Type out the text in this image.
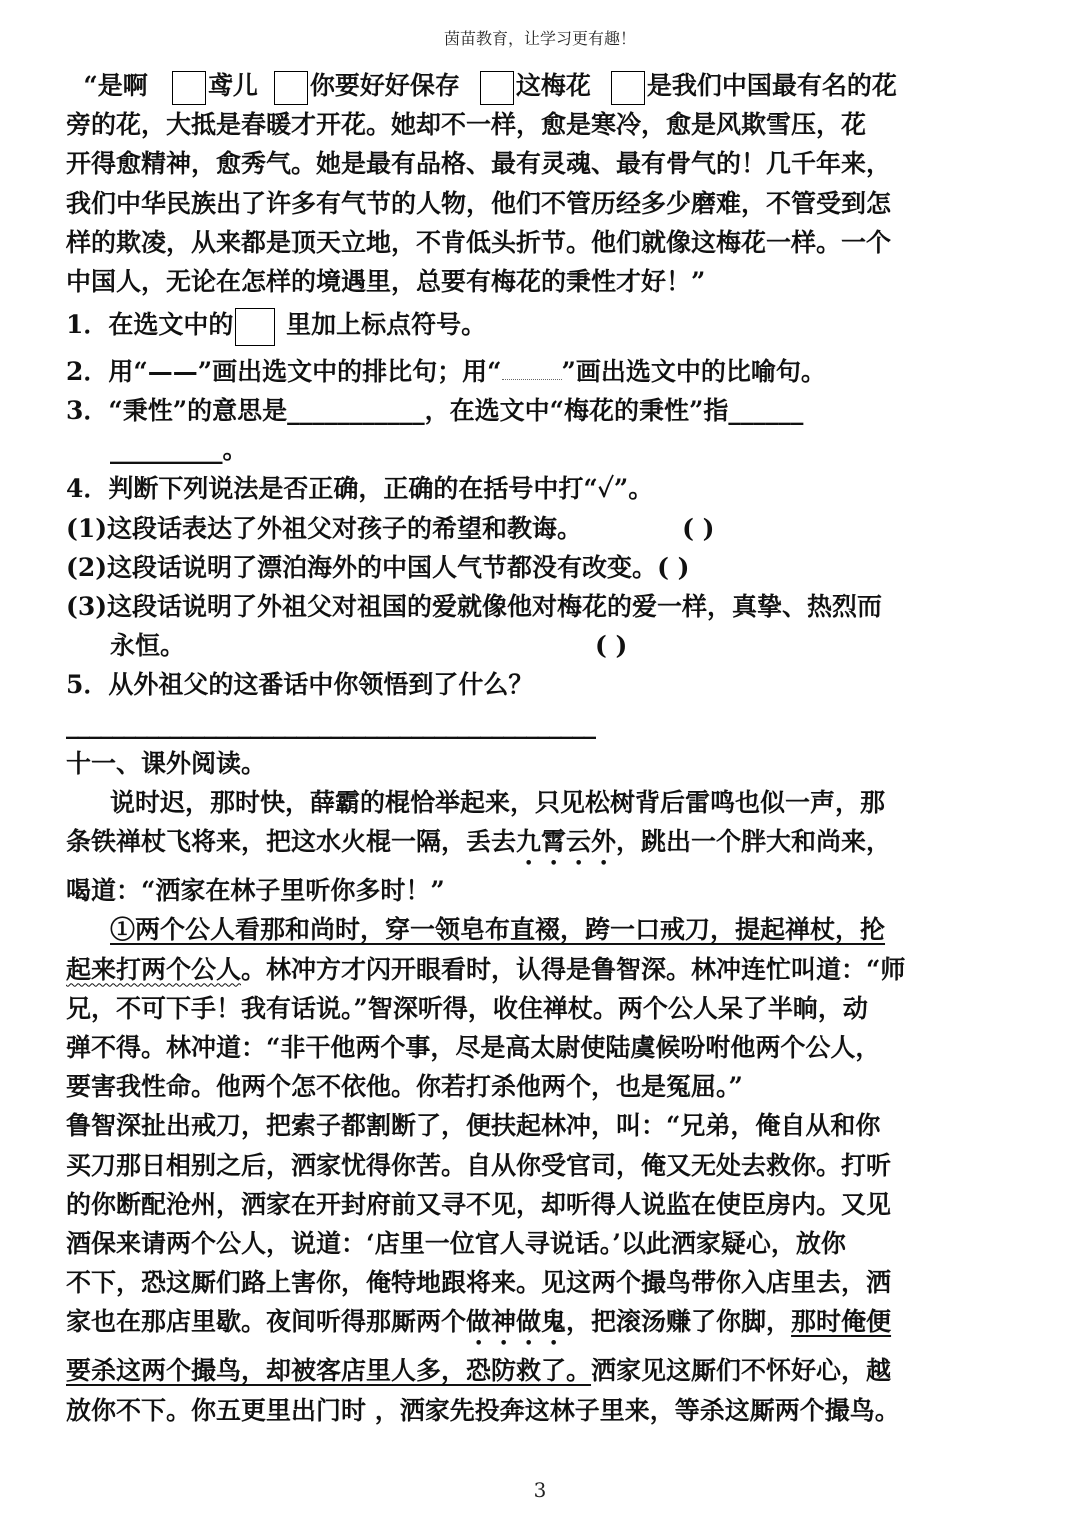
茵苗教育，让学习更有趣！

“是啊 鸢儿 你要好好保存 这梅花 是我们中国最有名的花

旁的花，大抵是春暖才开花。她却不一样，愈是寒冷，愈是风欺雪压，花

开得愈精神，愈秀气。她是最有品格、最有灵魂、最有骨气的！几千年来，

我们中华民族出了许多有气节的人物，他们不管历经多少磨难，不管受到怎

样的欺凌，从来都是顶天立地，不肯低头折节。他们就像这梅花一样。一个

中国人，无论在怎样的境遇里，总要有梅花的秉性才好！”

1．在选文中的 里加上标点符号。

2．用“——”画出选文中的排比句；用“ ”画出选文中的比喻句。

3．“秉性”的意思是___________，在选文中“梅花的秉性”指______

_________。

4．判断下列说法是否正确，正确的在括号中打“✓”。

(1)这段话表达了外祖父对孩子的希望和教诲。	( )

(2)这段话说明了漂泊海外的中国人气节都没有改变。( )

(3)这段话说明了外祖父对祖国的爱就像他对梅花的爱一样，真挚、热烈而

永恒。	( )

5．从外祖父的这番话中你领悟到了什么？

______________________________________________

十一、课外阅读。

说时迟，那时快，薛霸的棍恰举起来，只见松树背后雷鸣也似一声，那

条铁禅杖飞将来，把这水火棍一隔，丢去九霄云外，跳出一个胖大和尚来，

喝道：“洒家在林子里听你多时！”

①两个公人看那和尚时，穿一领皂布直裰，跨一口戒刀，提起禅杖，抡

起来打两个公人。林冲方才闪开眼看时，认得是鲁智深。林冲连忙叫道：“师

兄，不可下手！我有话说。”智深听得，收住禅杖。两个公人呆了半晌，动

弹不得。林冲道：“非干他两个事，尽是高太尉使陆虞候吩咐他两个公人，

要害我性命。他两个怎不依他。你若打杀他两个，也是冤屈。”

鲁智深扯出戒刀，把索子都割断了，便扶起林冲，叫：“兄弟，俺自从和你

买刀那日相别之后，洒家忧得你苦。自从你受官司，俺又无处去救你。打听

的你断配沧州，洒家在开封府前又寻不见，却听得人说监在使臣房内。又见

酒保来请两个公人，说道：‘店里一位官人寻说话。’以此洒家疑心，放你

不下，恐这厮们路上害你，俺特地跟将来。见这两个撮鸟带你入店里去，洒

家也在那店里歇。夜间听得那厮两个做神做鬼，把滚汤赚了你脚，那时俺便

要杀这两个撮鸟，却被客店里人多，恐防救了。洒家见这厮们不怀好心，越

放你不下。你五更里出门时 ，洒家先投奔这林子里来，等杀这厮两个撮鸟。

3
